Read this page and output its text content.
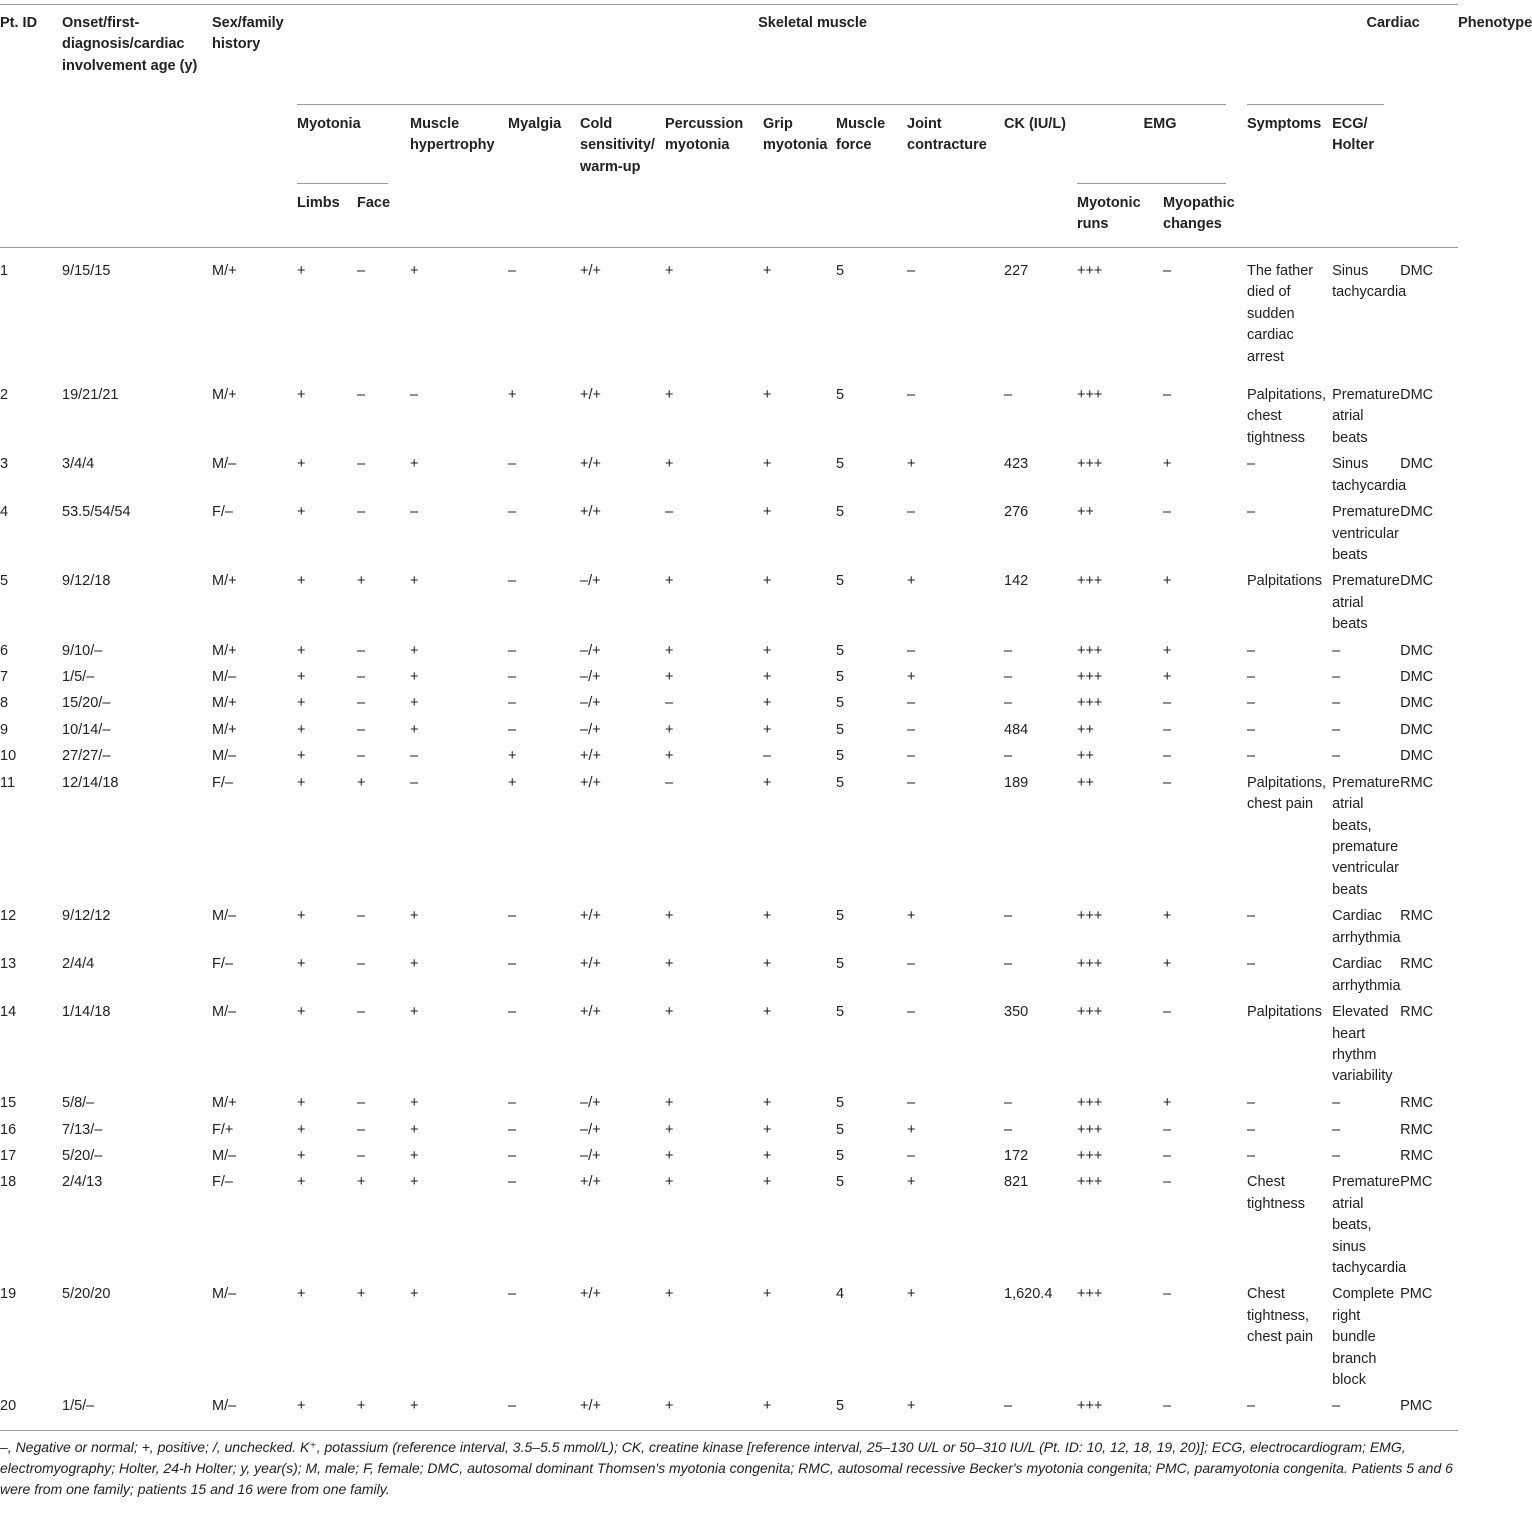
Pt. ID	Onset/first-diagnosis/cardiac involvement age (y)	Sex/family history	Skeletal muscle													Cardiac		Phenotype
			Myotonia		Muscle hypertrophy	Myalgia	Cold sensitivity/ warm-up	Percussion myotonia	Grip myotonia	Muscle force	Joint contracture	CK (IU/L)	EMG		Symptoms	ECG/ Holter		
			Limbs	Face									Myotonic runs	Myopathic changes				
1	9/15/15	M/+	+	–	+	–	+/+	+	+	5	–	227	+++	–	The father died of sudden cardiac arrest	Sinus tachycardia	DMC	
2	19/21/21	M/+	+	–	–	+	+/+	+	+	5	–	–	+++	–	Palpitations, chest tightness	Premature atrial beats	DMC	
3	3/4/4	M/–	+	–	+	–	+/+	+	+	5	+	423	+++	+	–	Sinus tachycardia	DMC	
4	53.5/54/54	F/–	+	–	–	–	+/+	–	+	5	–	276	++	–	–	Premature ventricular beats	DMC	
5	9/12/18	M/+	+	+	+	–	–/+	+	+	5	+	142	+++	+	Palpitations	Premature atrial beats	DMC	
6	9/10/–	M/+	+	–	+	–	–/+	+	+	5	–	–	+++	+	–	–	DMC	
7	1/5/–	M/–	+	–	+	–	–/+	+	+	5	+	–	+++	+	–	–	DMC	
8	15/20/–	M/+	+	–	+	–	–/+	–	+	5	–	–	+++	–	–	–	DMC	
9	10/14/–	M/+	+	–	+	–	–/+	+	+	5	–	484	++	–	–	–	DMC	
10	27/27/–	M/–	+	–	–	+	+/+	+	–	5	–	–	++	–	–	–	DMC	
11	12/14/18	F/–	+	+	–	+	+/+	–	+	5	–	189	++	–	Palpitations, chest pain	Premature atrial beats, premature ventricular beats	RMC	
12	9/12/12	M/–	+	–	+	–	+/+	+	+	5	+	–	+++	+	–	Cardiac arrhythmia	RMC	
13	2/4/4	F/–	+	–	+	–	+/+	+	+	5	–	–	+++	+	–	Cardiac arrhythmia	RMC	
14	1/14/18	M/–	+	–	+	–	+/+	+	+	5	–	350	+++	–	Palpitations	Elevated heart rhythm variability	RMC	
15	5/8/–	M/+	+	–	+	–	–/+	+	+	5	–	–	+++	+	–	–	RMC	
16	7/13/–	F/+	+	–	+	–	–/+	+	+	5	+	–	+++	–	–	–	RMC	
17	5/20/–	M/–	+	–	+	–	–/+	+	+	5	–	172	+++	–	–	–	RMC	
18	2/4/13	F/–	+	+	+	–	+/+	+	+	5	+	821	+++	–	Chest tightness	Premature atrial beats, sinus tachycardia	PMC	
19	5/20/20	M/–	+	+	+	–	+/+	+	+	4	+	1,620.4	+++	–	Chest tightness, chest pain	Complete right bundle branch block	PMC	
20	1/5/–	M/–	+	+	+	–	+/+	+	+	5	+	–	+++	–	–	–	PMC	
–, Negative or normal; +, positive; /, unchecked. K⁺, potassium (reference interval, 3.5–5.5 mmol/L); CK, creatine kinase [reference interval, 25–130 U/L or 50–310 IU/L (Pt. ID: 10, 12, 18, 19, 20)]; ECG, electrocardiogram; EMG, electromyography; Holter, 24-h Holter; y, year(s); M, male; F, female; DMC, autosomal dominant Thomsen's myotonia congenita; RMC, autosomal recessive Becker's myotonia congenita; PMC, paramyotonia congenita. Patients 5 and 6 were from one family; patients 15 and 16 were from one family.
